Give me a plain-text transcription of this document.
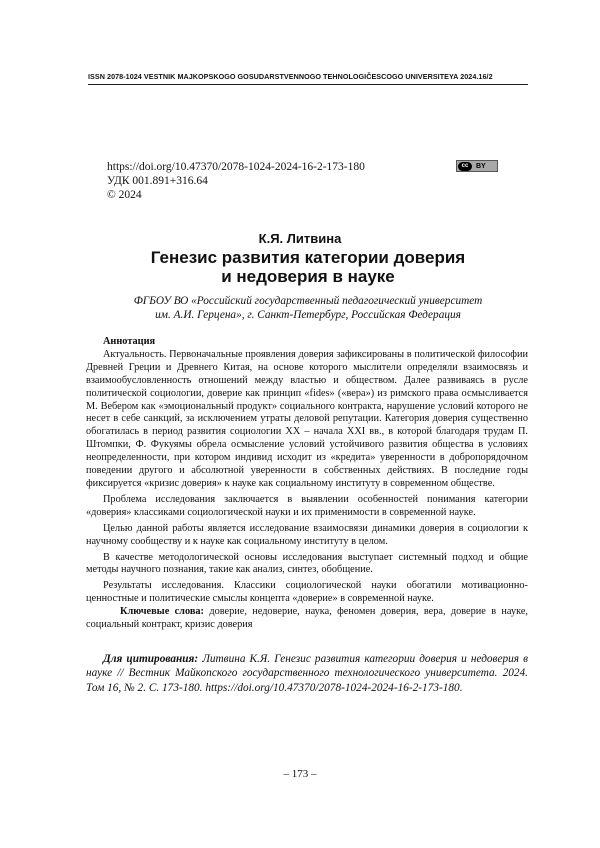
ISSN 2078-1024 VESTNIK MAJKOPSKOGO GOSUDARSTVENNOGO TEHNOLOGIČESCOGO UNIVERSITEYA 2024.16/2
https://doi.org/10.47370/2078-1024-2024-16-2-173-180
УДК 001.891+316.64
© 2024
cc	BY
К.Я. Литвина
Генезис развития категории доверия
и недоверия в науке
ФГБОУ ВО «Российский государственный педагогический университет
им. А.И. Герцена», г. Санкт-Петербург, Российская Федерация
Аннотация

Актуальность. Первоначальные проявления доверия зафиксированы в политической философии Древней Греции и Древнего Китая, на основе которого мыслители определяли взаимосвязь и взаимообусловленность отношений между властью и обществом. Далее развиваясь в русле политической социологии, доверие как принцип «fides» («вера») из римского права осмысливается М. Вебером как «эмоциональный продукт» социального контракта, нарушение условий которого не несет в себе санкций, за исключением утраты деловой репутации. Категория доверия существенно обогатилась в период развития социологии XX – начала XXI вв., в которой благодаря трудам П. Штомпки, Ф. Фукуямы обрела осмысление условий устойчивого развития общества в условиях неопределенности, при котором индивид исходит из «кредита» уверенности в добропорядочном поведении другого и абсолютной уверенности в собственных действиях. В последние годы фиксируется «кризис доверия» к науке как социальному институту в современном обществе.

Проблема исследования заключается в выявлении особенностей понимания категории «доверия» классиками социологической науки и их применимости в современной науке.

Целью данной работы является исследование взаимосвязи динамики доверия в социологии к научному сообществу и к науке как социальному институту в целом.

В качестве методологической основы исследования выступает системный подход и общие методы научного познания, такие как анализ, синтез, обобщение.

Результаты исследования. Классики социологической науки обогатили мотивационно-ценностные и политические смыслы концепта «доверие» в современной науке.

Ключевые слова: доверие, недоверие, наука, феномен доверия, вера, доверие в науке, социальный контракт, кризис доверия

Для цитирования: Литвина К.Я. Генезис развития категории доверия и недоверия в науке // Вестник Майкопского государственного технологического университета. 2024. Том 16, № 2. С. 173-180. https://doi.org/10.47370/2078-1024-2024-16-2-173-180.

– 173 –
